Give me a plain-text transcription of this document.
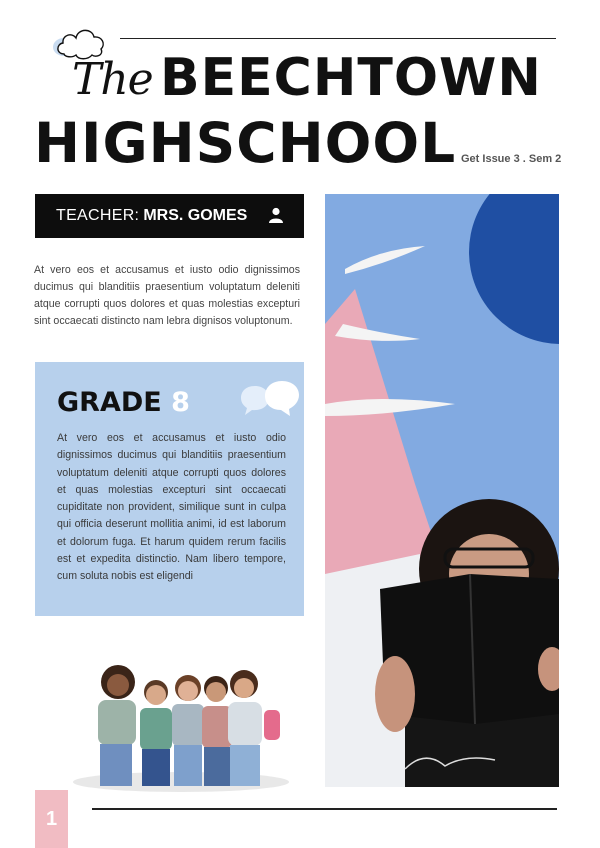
The BEECHTOWN
HIGHSCHOOL Get Issue 3 . Sem 2
TEACHER: MRS. GOMES

At vero eos et accusamus et iusto odio dignissimos ducimus qui blanditiis praesentium voluptatum deleniti atque corrupti quos dolores et quas molestias excepturi sint occaecati distincto nam lebra dignisos voluptonum.

GRADE 8

At vero eos et accusamus et iusto odio dignissimos ducimus qui blanditiis praesentium voluptatum deleniti atque corrupti quos dolores et quas molestias excepturi sint occaecati cupiditate non provident, similique sunt in culpa qui officia deserunt mollitia animi, id est laborum et dolorum fuga. Et harum quidem rerum facilis est et expedita distinctio. Nam libero tempore, cum soluta nobis est eligendi

1
